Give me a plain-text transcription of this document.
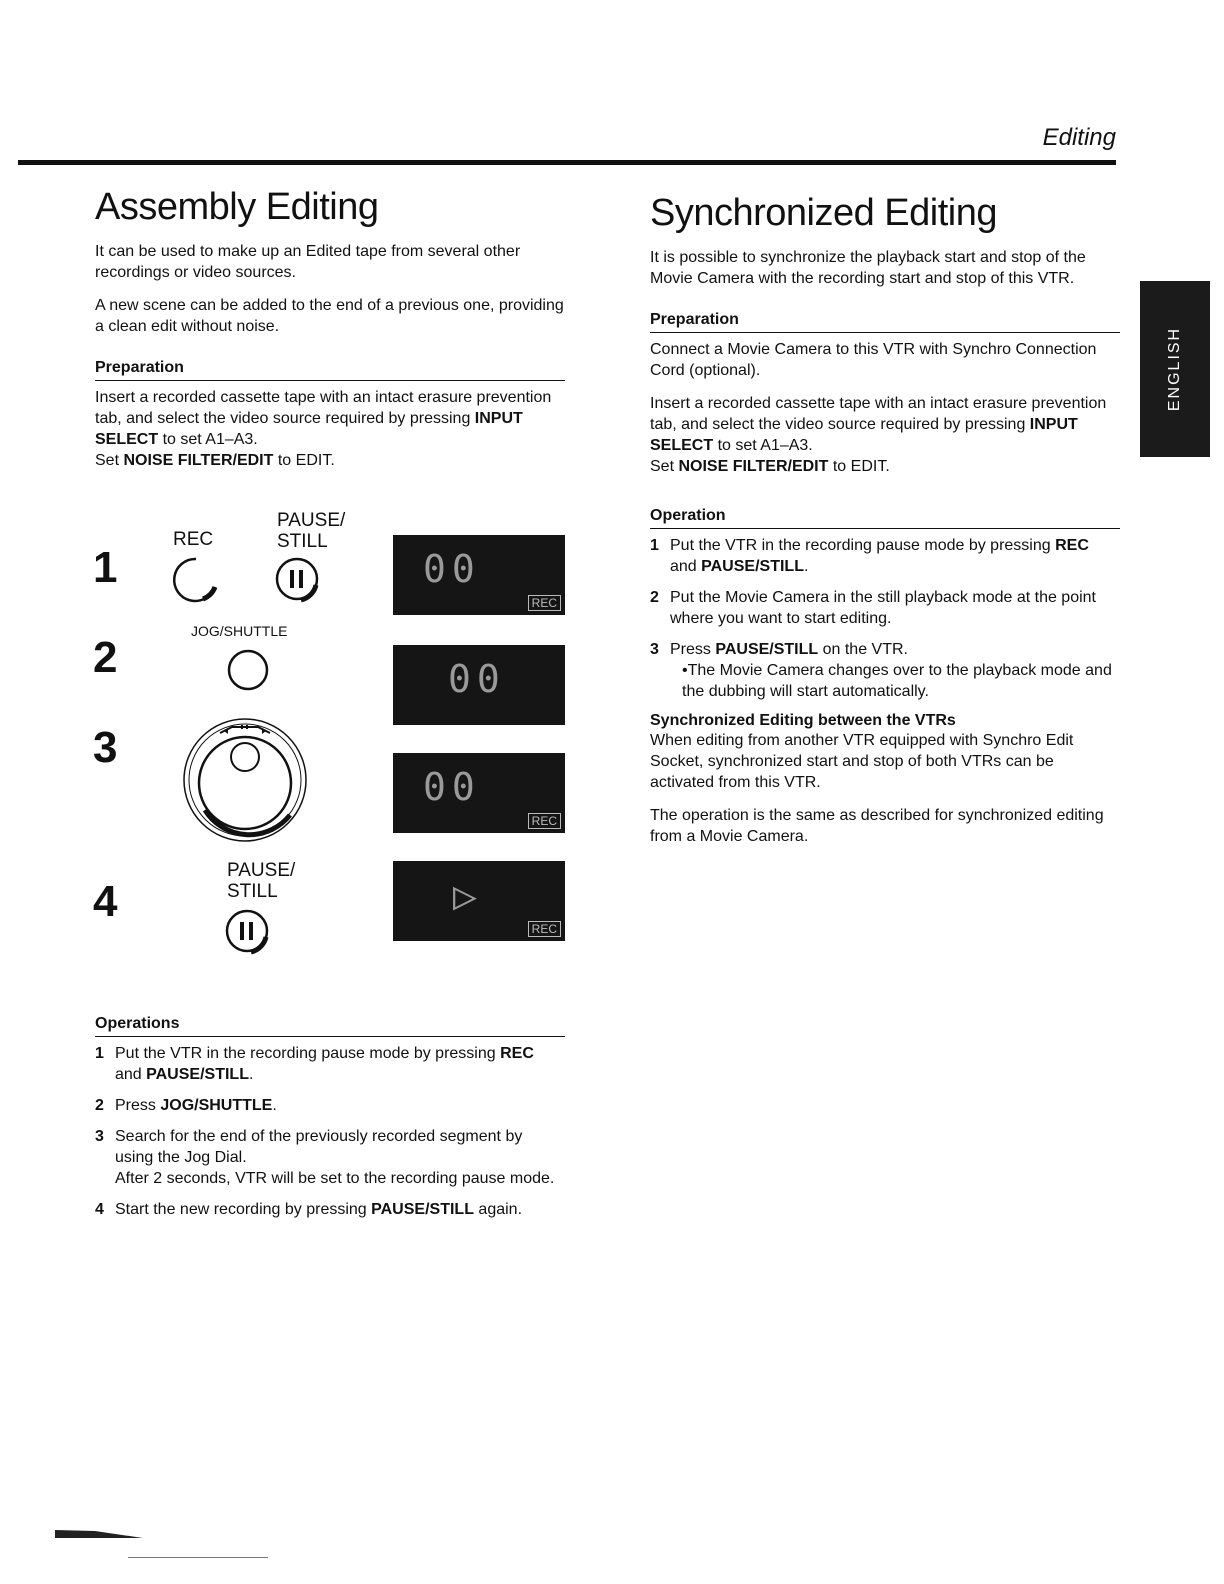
Editing
ENGLISH
Assembly Editing

It can be used to make up an Edited tape from several other recordings or video sources.

A new scene can be added to the end of a previous one, providing a clean edit without noise.

Preparation

Insert a recorded cassette tape with an intact erasure prevention tab, and select the video source required by pressing INPUT SELECT to set A1–A3.
Set NOISE FILTER/EDIT to EDIT.

1
2
3
4
REC
PAUSE/
STILL
JOG/SHUTTLE
PAUSE/
STILL
00
REC
00
00
REC
▷
REC
Operations
1 Put the VTR in the recording pause mode by pressing REC and PAUSE/STILL.
2 Press JOG/SHUTTLE.
3 Search for the end of the previously recorded segment by using the Jog Dial.
After 2 seconds, VTR will be set to the recording pause mode.
4 Start the new recording by pressing PAUSE/STILL again.
Synchronized Editing

It is possible to synchronize the playback start and stop of the Movie Camera with the recording start and stop of this VTR.

Preparation

Connect a Movie Camera to this VTR with Synchro Connection Cord (optional).

Insert a recorded cassette tape with an intact erasure prevention tab, and select the video source required by pressing INPUT SELECT to set A1–A3.
Set NOISE FILTER/EDIT to EDIT.

Operation
1 Put the VTR in the recording pause mode by pressing REC and PAUSE/STILL.
2 Put the Movie Camera in the still playback mode at the point where you want to start editing.
3 Press PAUSE/STILL on the VTR.
•The Movie Camera changes over to the playback mode and the dubbing will start automatically.
Synchronized Editing between the VTRs

When editing from another VTR equipped with Synchro Edit Socket, synchronized start and stop of both VTRs can be activated from this VTR.

The operation is the same as described for synchronized editing from a Movie Camera.
